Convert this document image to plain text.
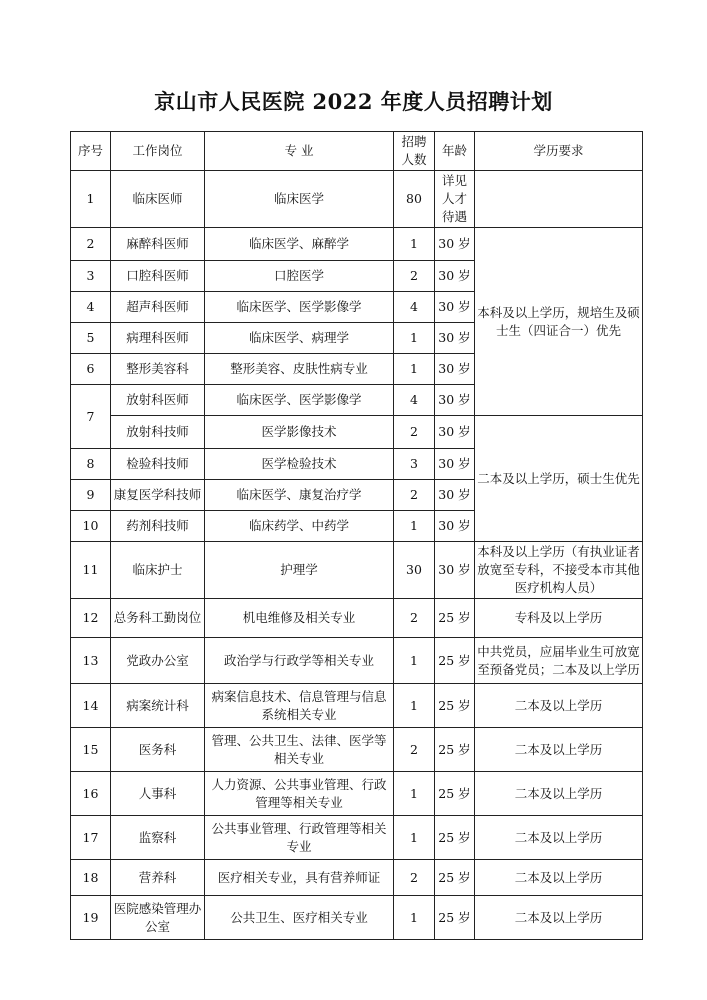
京山市人民医院 2022 年度人员招聘计划
序号	工作岗位	专 业	招聘人数	年龄	学历要求
1	临床医师	临床医学	80	详见人才待遇	
2	麻醉科医师	临床医学、麻醉学	1	30 岁	本科及以上学历，规培生及硕士生（四证合一）优先
3	口腔科医师	口腔医学	2	30 岁	
4	超声科医师	临床医学、医学影像学	4	30 岁	
5	病理科医师	临床医学、病理学	1	30 岁	
6	整形美容科	整形美容、皮肤性病专业	1	30 岁	
7	放射科医师	临床医学、医学影像学	4	30 岁	
	放射科技师	医学影像技术	2	30 岁	二本及以上学历，硕士生优先
8	检验科技师	医学检验技术	3	30 岁	
9	康复医学科技师	临床医学、康复治疗学	2	30 岁	
10	药剂科技师	临床药学、中药学	1	30 岁	
11	临床护士	护理学	30	30 岁	本科及以上学历（有执业证者放宽至专科，不接受本市其他医疗机构人员）
12	总务科工勤岗位	机电维修及相关专业	2	25 岁	专科及以上学历
13	党政办公室	政治学与行政学等相关专业	1	25 岁	中共党员，应届毕业生可放宽至预备党员；二本及以上学历
14	病案统计科	病案信息技术、信息管理与信息系统相关专业	1	25 岁	二本及以上学历
15	医务科	管理、公共卫生、法律、医学等相关专业	2	25 岁	二本及以上学历
16	人事科	人力资源、公共事业管理、行政管理等相关专业	1	25 岁	二本及以上学历
17	监察科	公共事业管理、行政管理等相关专业	1	25 岁	二本及以上学历
18	营养科	医疗相关专业，具有营养师证	2	25 岁	二本及以上学历
19	医院感染管理办公室	公共卫生、医疗相关专业	1	25 岁	二本及以上学历
